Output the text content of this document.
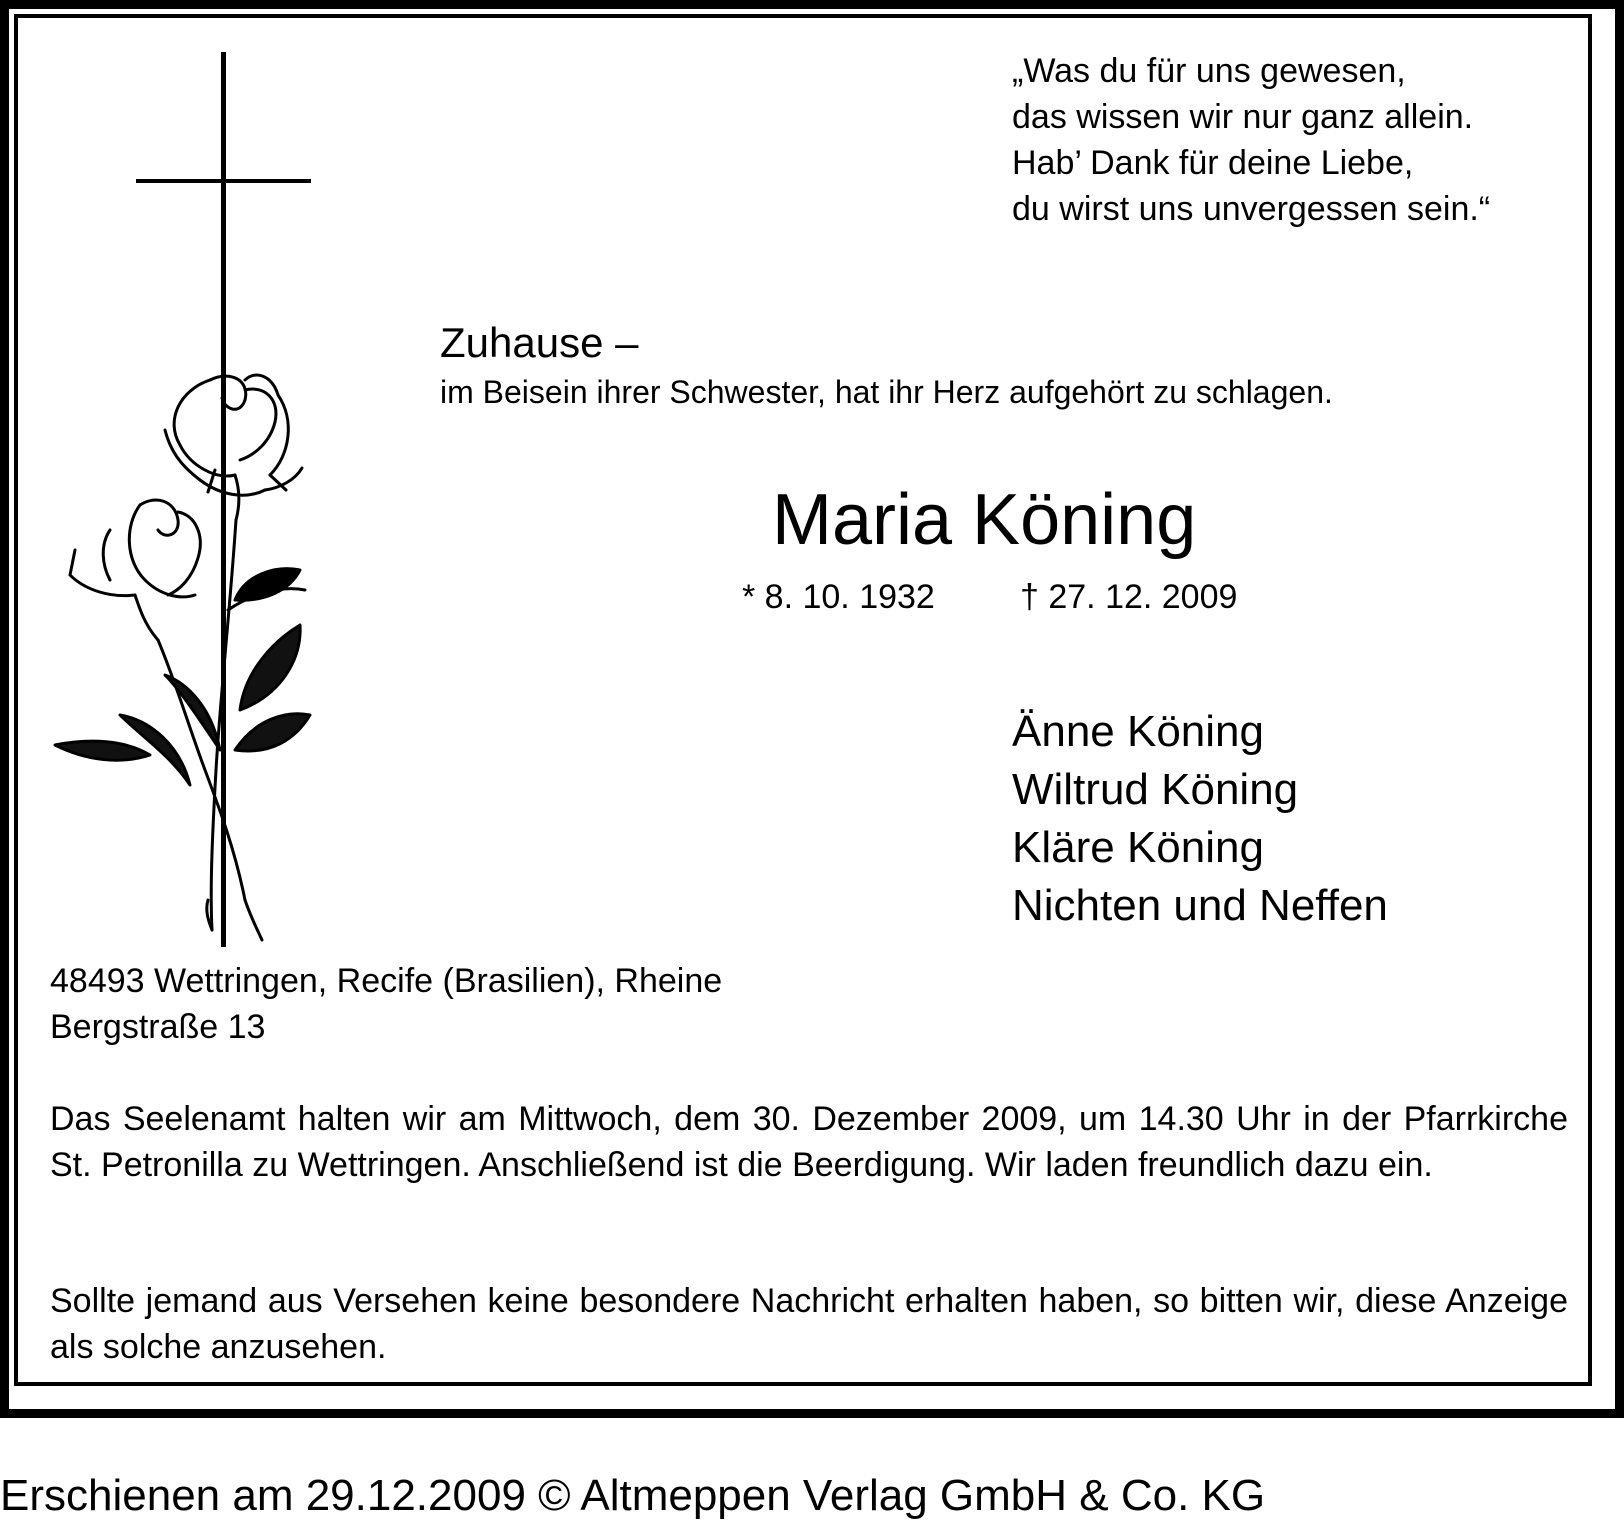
„Was du für uns gewesen,
das wissen wir nur ganz allein.
Hab’ Dank für deine Liebe,
du wirst uns unvergessen sein.“
Zuhause –
im Beisein ihrer Schwester, hat ihr Herz aufgehört zu schlagen.
Maria Köning
* 8. 10. 1932	† 27. 12. 2009
Änne Köning
Wiltrud Köning
Kläre Köning
Nichten und Neffen
48493 Wettringen, Recife (Brasilien), Rheine
Bergstraße 13

Das Seelenamt halten wir am Mittwoch, dem 30. Dezember 2009, um 14.30 Uhr in der Pfarrkirche St. Petronilla zu Wettringen. Anschließend ist die Beerdigung. Wir laden freundlich dazu ein.

Sollte jemand aus Versehen keine besondere Nachricht erhalten haben, so bitten wir, diese Anzeige als solche anzusehen.

Erschienen am 29.12.2009 © Altmeppen Verlag GmbH & Co. KG
